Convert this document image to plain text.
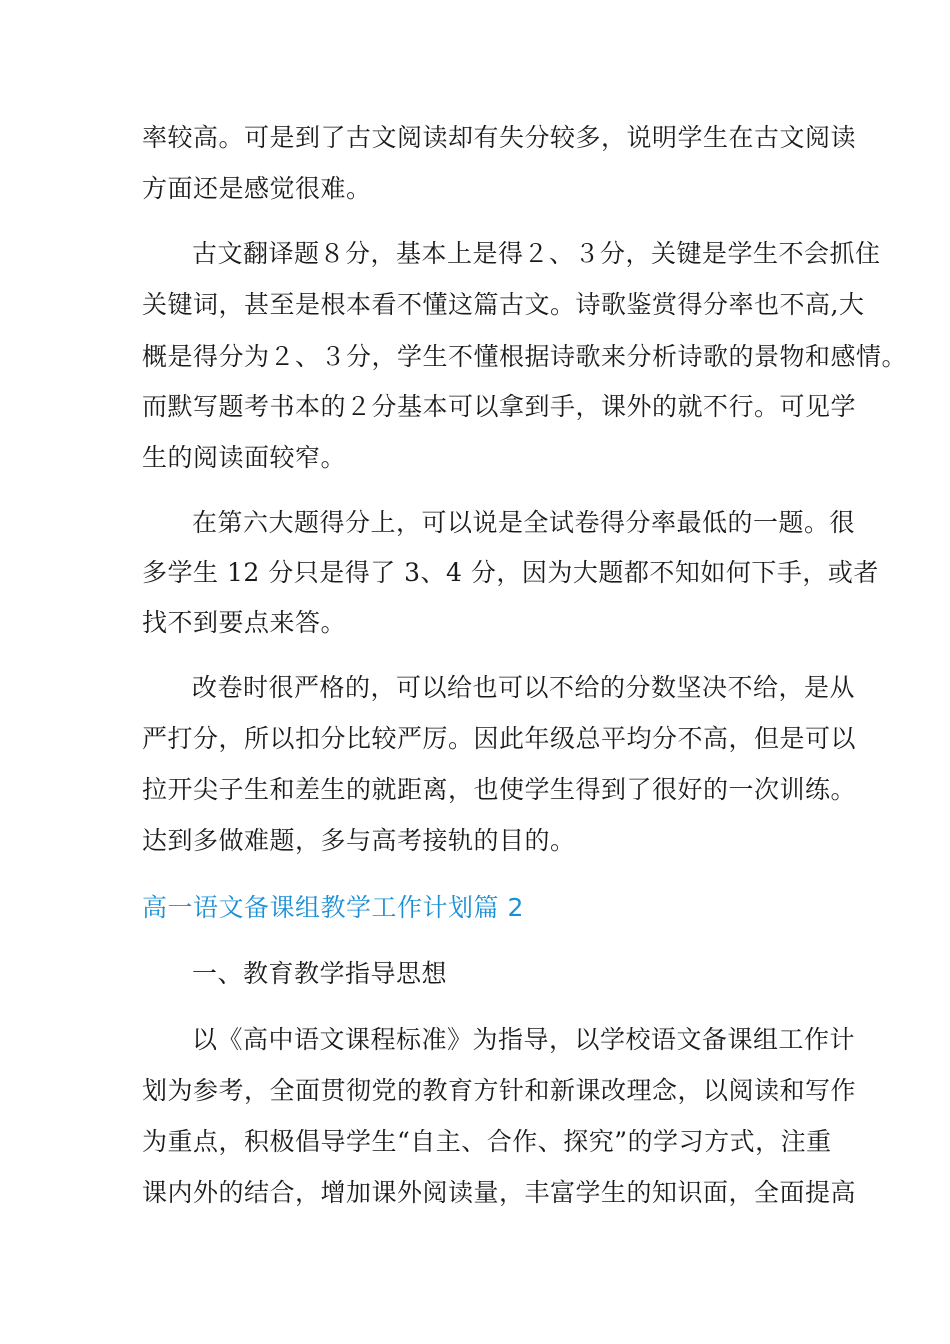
率较高。可是到了古文阅读却有失分较多，说明学生在古文阅读
方面还是感觉很难。
古文翻译题８分，基本上是得２、３分，关键是学生不会抓住
关键词，甚至是根本看不懂这篇古文。诗歌鉴赏得分率也不高,大
概是得分为２、３分，学生不懂根据诗歌来分析诗歌的景物和感情。
而默写题考书本的２分基本可以拿到手，课外的就不行。可见学
生的阅读面较窄。
在第六大题得分上，可以说是全试卷得分率最低的一题。很
多学生 12 分只是得了 3、4 分，因为大题都不知如何下手，或者
找不到要点来答。
改卷时很严格的，可以给也可以不给的分数坚决不给，是从
严打分，所以扣分比较严厉。因此年级总平均分不高，但是可以
拉开尖子生和差生的就距离，也使学生得到了很好的一次训练。
达到多做难题，多与高考接轨的目的。
高一语文备课组教学工作计划篇 2
一、教育教学指导思想
以《高中语文课程标准》为指导，以学校语文备课组工作计
划为参考，全面贯彻党的教育方针和新课改理念，以阅读和写作
为重点，积极倡导学生“自主、合作、探究”的学习方式，注重
课内外的结合，增加课外阅读量，丰富学生的知识面，全面提高
